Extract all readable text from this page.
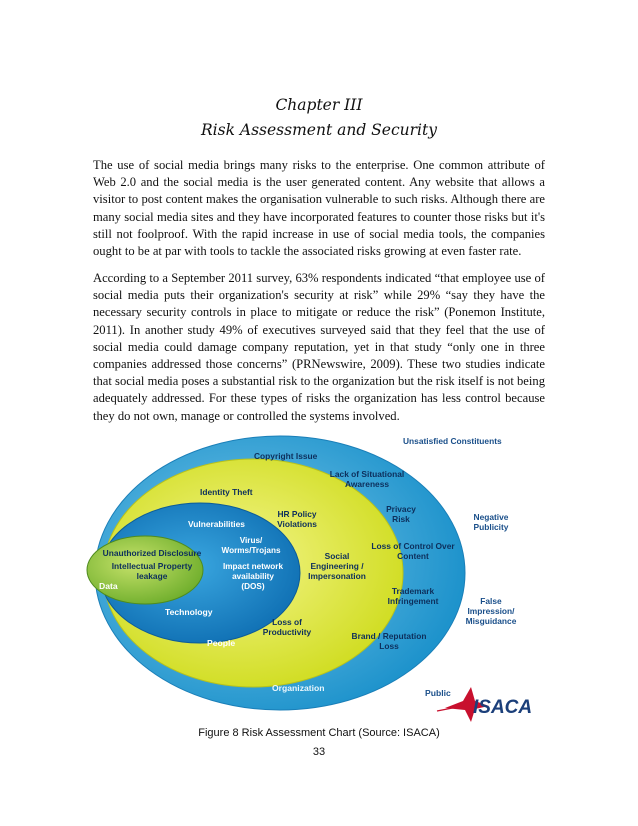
Chapter III
Risk Assessment and Security

The use of social media brings many risks to the enterprise. One common attribute of Web 2.0 and the social media is the user generated content. Any website that allows a visitor to post content makes the organisation vulnerable to such risks. Although there are many social media sites and they have incorporated features to counter those risks but it's still not foolproof. With the rapid increase in use of social media tools, the companies ought to be at par with tools to tackle the associated risks growing at even faster rate.

According to a September 2011 survey, 63% respondents indicated “that employee use of social media puts their organization's security at risk” while 29% “say they have the necessary security controls in place to mitigate or reduce the risk” (Ponemon Institute, 2011). In another study 49% of executives surveyed said that they feel that the use of social media could damage company reputation, yet in that study “only one in three companies addressed those concerns” (PRNewswire, 2009). These two studies indicate that social media poses a substantial risk to the organization but the risk itself is not being adequately addressed. For these types of risks the organization has less control because they do not own, manage or controlled the systems involved.

Unsatisfied Constituents
Negative
Publicity
False
Impression/
Misguidance
Public
Copyright Issue
Lack of Situational
Awareness
Privacy
Risk
Loss of Control Over
Content
Trademark
Infringement
Brand / Reputation
Loss
Organization
Identity Theft
HR Policy
Violations
Social
Engineering /
Impersonation
Loss of
Productivity
People
Vulnerabilities
Virus/
Worms/Trojans
Impact network
availability
(DOS)
Technology
Unauthorized Disclosure
Intellectual Property
leakage
Data
ISACA
Figure 8 Risk Assessment Chart (Source: ISACA)
33
